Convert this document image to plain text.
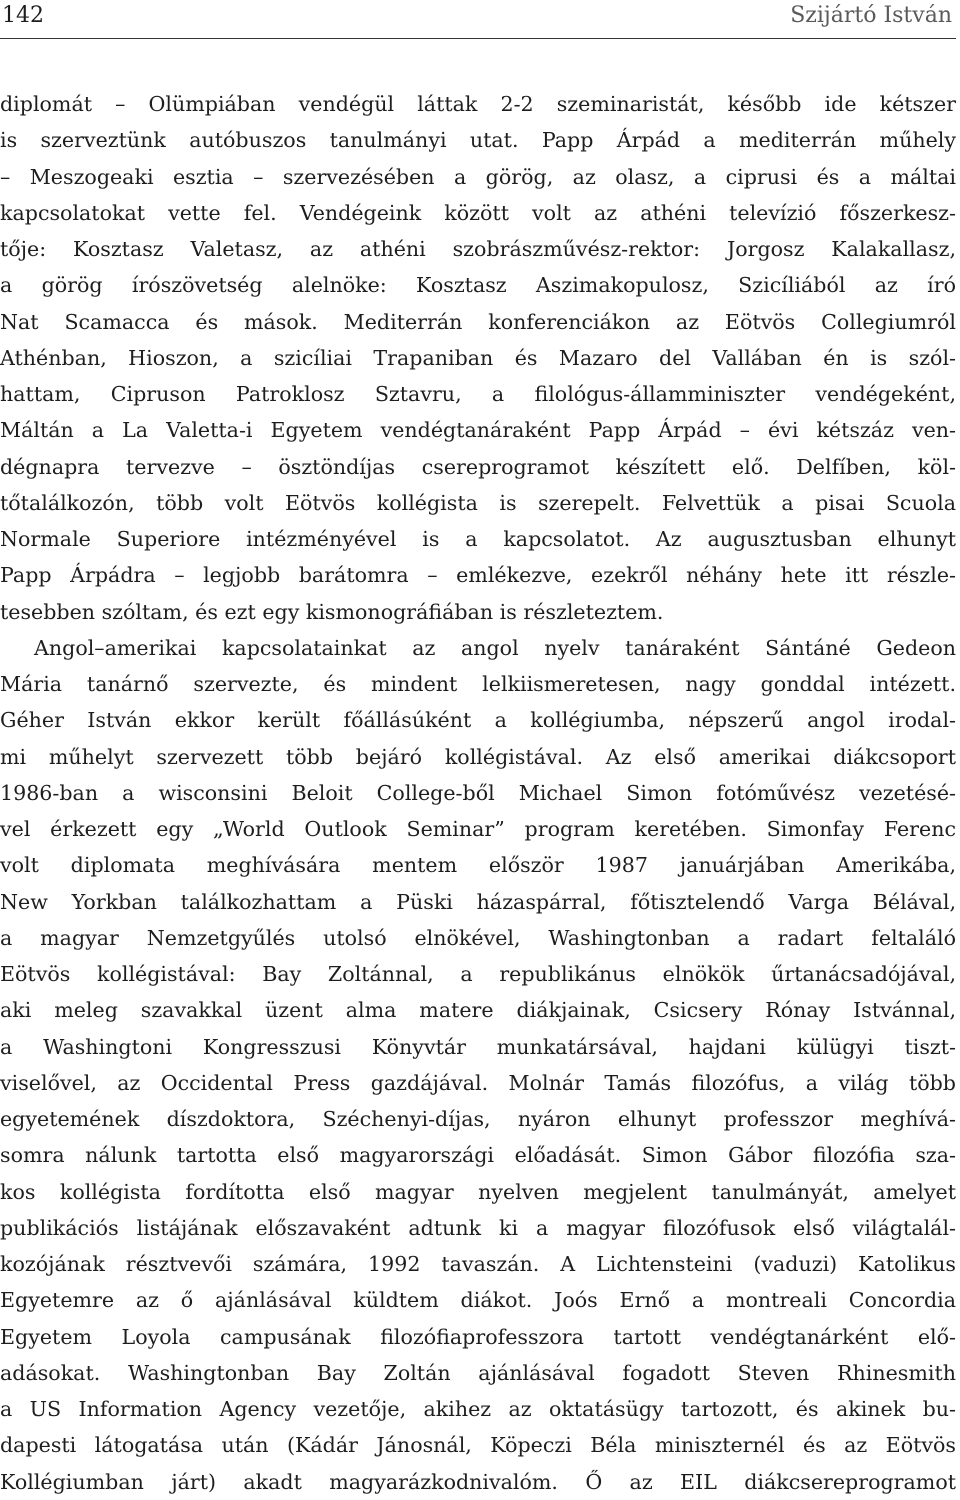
142	Szijártó István
diplomát – Olümpiában vendégül láttak 2-2 szeminaristát, később ide kétszer
is szerveztünk autóbuszos tanulmányi utat. Papp Árpád a mediterrán műhely
– Meszogeaki esztia – szervezésében a görög, az olasz, a ciprusi és a máltai
kapcsolatokat vette fel. Vendégeink között volt az athéni televízió főszerkesz-
tője: Kosztasz Valetasz, az athéni szobrászművész-rektor: Jorgosz Kalakallasz,
a görög írószövetség alelnöke: Kosztasz Aszimakopulosz, Szicíliából az író
Nat Scamacca és mások. Mediterrán konferenciákon az Eötvös Collegiumról
Athénban, Hioszon, a szicíliai Trapaniban és Mazaro del Vallában én is szól-
hattam, Cipruson Patroklosz Sztavru, a filológus-államminiszter vendégeként,
Máltán a La Valetta-i Egyetem vendégtanáraként Papp Árpád – évi kétszáz ven-
dégnapra tervezve – ösztöndíjas csereprogramot készített elő. Delfíben, köl-
tőtalálkozón, több volt Eötvös kollégista is szerepelt. Felvettük a pisai Scuola
Normale Superiore intézményével is a kapcsolatot. Az augusztusban elhunyt
Papp Árpádra – legjobb barátomra – emlékezve, ezekről néhány hete itt részle-
tesebben szóltam, és ezt egy kismonográfiában is részleteztem.
Angol–amerikai kapcsolatainkat az angol nyelv tanáraként Sántáné Gedeon
Mária tanárnő szervezte, és mindent lelkiismeretesen, nagy gonddal intézett.
Géher István ekkor került főállásúként a kollégiumba, népszerű angol irodal-
mi műhelyt szervezett több bejáró kollégistával. Az első amerikai diákcsoport
1986-ban a wisconsini Beloit College-ből Michael Simon fotóművész vezetésé-
vel érkezett egy „World Outlook Seminar” program keretében. Simonfay Ferenc
volt diplomata meghívására mentem először 1987 januárjában Amerikába,
New Yorkban találkozhattam a Püski házaspárral, főtisztelendő Varga Bélával,
a magyar Nemzetgyűlés utolsó elnökével, Washingtonban a radart feltaláló
Eötvös kollégistával: Bay Zoltánnal, a republikánus elnökök űrtanácsadójával,
aki meleg szavakkal üzent alma matere diákjainak, Csicsery Rónay Istvánnal,
a Washingtoni Kongresszusi Könyvtár munkatársával, hajdani külügyi tiszt-
viselővel, az Occidental Press gazdájával. Molnár Tamás filozófus, a világ több
egyetemének díszdoktora, Széchenyi-díjas, nyáron elhunyt professzor meghívá-
somra nálunk tartotta első magyarországi előadását. Simon Gábor filozófia sza-
kos kollégista fordította első magyar nyelven megjelent tanulmányát, amelyet
publikációs listájának előszavaként adtunk ki a magyar filozófusok első világtalál-
kozójának résztvevői számára, 1992 tavaszán. A Lichtensteini (vaduzi) Katolikus
Egyetemre az ő ajánlásával küldtem diákot. Joós Ernő a montreali Concordia
Egyetem Loyola campusának filozófiaprofesszora tartott vendégtanárként elő-
adásokat. Washingtonban Bay Zoltán ajánlásával fogadott Steven Rhinesmith
a US Information Agency vezetője, akihez az oktatásügy tartozott, és akinek bu-
dapesti látogatása után (Kádár Jánosnál, Köpeczi Béla miniszternél és az Eötvös
Kollégiumban járt) akadt magyarázkodnivalóm. Ő az EIL diákcsereprogramot
